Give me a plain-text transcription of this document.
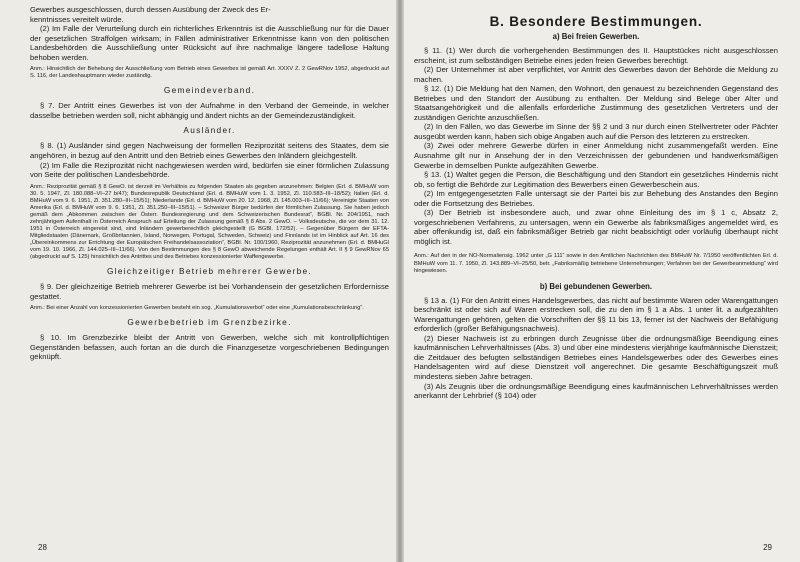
Gewerbes ausgeschlossen, durch dessen Ausübung der Zweck des Er-

kenntnisses vereitelt würde.

(2) Im Falle der Verurteilung durch ein richterliches Erkenntnis ist die Ausschließung nur für die Dauer der gesetzlichen Straffolgen wirksam; in Fällen administrativer Erkenntnisse kann von den politischen Landesbehörden die Ausschließung unter Rücksicht auf ihre nachmalige längere tadellose Haltung behoben werden.

Anm.: Hinsichtlich der Behebung der Ausschließung vom Betrieb eines Gewerbes ist gemäß Art. XXXV Z. 2 GewRNov 1952, abgedruckt auf S. 116, der Landeshauptmann wieder zuständig.

Gemeindeverband.

§ 7. Der Antritt eines Gewerbes ist von der Aufnahme in den Verband der Gemeinde, in welcher dasselbe betrieben werden soll, nicht abhängig und ändert nichts an der Gemeindezuständigkeit.

Ausländer.

§ 8. (1) Ausländer sind gegen Nachweisung der formellen Reziprozität seitens des Staates, dem sie angehören, in bezug auf den Antritt und den Betrieb eines Gewerbes den Inländern gleichgestellt.

(2) Im Falle die Reziprozität nicht nachgewiesen werden wird, bedürfen sie einer förmlichen Zulassung von Seite der politischen Landesbehörde.

Anm.: Reziprozität gemäß § 8 GewO. ist derzeit im Verhältnis zu folgenden Staaten als gegeben anzunehmen: Belgien (Erl. d. BMHuW vom 30. 5. 1947, Zl. 180.088–VI–27 b/47); Bundesrepublik Deutschland (Erl. d. BMHuW vom 1. 3. 1952, Zl. 110.583–III–18/52); Italien (Erl. d. BMHuW vom 9. 6. 1951, Zl. 351.280–III–15/51); Niederlande (Erl. d. BMHuW vom 20. 12. 1968, Zl. 145.003–III–11/66); Vereinigte Staaten von Amerika (Erl. d. BMHuW vom 9. 6. 1951, Zl. 351.250–III–15/51). – Schweizer Bürger bedürfen der förmlichen Zulassung. Sie haben jedoch gemäß dem „Abkommen zwischen der Österr. Bundesregierung und dem Schweizerischen Bundesrat“, BGBl. Nr. 204/1951, nach zehnjährigem Aufenthalt in Österreich Anspruch auf Erteilung der Zulassung gemäß § 8 Abs. 2 GewO. – Volksdeutsche, die vor dem 31. 12. 1951 in Österreich eingereist sind, sind Inländern gewerberechtlich gleichgestellt (G BGBl. 172/52). – Gegenüber Bürgern der EFTA-Mitgliedstaaten (Dänemark, Großbritannien, Island, Norwegen, Portugal, Schweden, Schweiz) und Finnlands ist im Hinblick auf Art. 16 des „Übereinkommens zur Errichtung der Europäischen Freihandelsassoziation“, BGBl. Nr. 100/1960, Reziprozität anzunehmen (Erl. d. BMHuGl vom 19. 10. 1966, Zl. 144.025–III–11/66). Von den Bestimmungen des § 8 GewO abweichende Regelungen enthält Art. II § 9 GewRNov 65 (abgedruckt auf S. 125) hinsichtlich des Antrittes und des Betriebes konzessionierter Waffengewerbe.

Gleichzeitiger Betrieb mehrerer Gewerbe.

§ 9. Der gleichzeitige Betrieb mehrerer Gewerbe ist bei Vorhandensein der gesetzlichen Erfordernisse gestattet.

Anm.: Bei einer Anzahl von konzessionierten Gewerben besteht ein sog. „Kumulationsverbot“ oder eine „Kumulationsbeschränkung“.

Gewerbebetrieb im Grenzbezirke.

§ 10. Im Grenzbezirke bleibt der Antritt von Gewerben, welche sich mit kontrollpflichtigen Gegenständen befassen, auch fortan an die durch die Finanzgesetze vorgeschriebenen Bedingungen geknüpft.

28
B. Besondere Bestimmungen.
a) Bei freien Gewerben.

§ 11. (1) Wer durch die vorhergehenden Bestimmungen des II. Hauptstückes nicht ausgeschlossen erscheint, ist zum selbständigen Betriebe eines jeden freien Gewerbes berechtigt.

(2) Der Unternehmer ist aber verpflichtet, vor Antritt des Gewerbes davon der Behörde die Meldung zu machen.

§ 12. (1) Die Meldung hat den Namen, den Wohnort, den genauest zu bezeichnenden Gegenstand des Betriebes und den Standort der Ausübung zu enthalten. Der Meldung sind Belege über Alter und Staatsangehörigkeit und die allenfalls erforderliche Zustimmung des gesetzlichen Vertreters und der zuständigen Gerichte anzuschließen.

(2) In den Fällen, wo das Gewerbe im Sinne der §§ 2 und 3 nur durch einen Stellvertreter oder Pächter ausgeübt werden kann, haben sich obige Angaben auch auf die Person des letzteren zu erstrecken.

(3) Zwei oder mehrere Gewerbe dürfen in einer Anmeldung nicht zusammengefaßt werden. Eine Ausnahme gilt nur in Ansehung der in den Verzeichnissen der gebundenen und handwerksmäßigen Gewerbe in demselben Punkte aufgezählten Gewerbe.

§ 13. (1) Waltet gegen die Person, die Beschäftigung und den Standort ein gesetzliches Hindernis nicht ob, so fertigt die Behörde zur Legitimation des Bewerbers einen Gewerbeschein aus.

(2) Im entgegengesetzten Falle untersagt sie der Partei bis zur Behebung des Anstandes den Beginn oder die Fortsetzung des Betriebes.

(3) Der Betrieb ist insbesondere auch, und zwar ohne Einleitung des im § 1 c, Absatz 2, vorgeschriebenen Verfahrens, zu untersagen, wenn ein Gewerbe als fabriksmäßiges angemeldet wird, es aber offenkundig ist, daß ein fabriksmäßiger Betrieb gar nicht beabsichtigt oder vorläufig überhaupt nicht möglich ist.

Anm.: Auf den in der NO-Normaliensig. 1962 unter „G 111“ sowie in den Amtlichen Nachrichten des BMHuW Nr. 7/1950 veröffentlichten Erl. d. BMHuW vom 11. 7. 1950, Zl. 143.889–VI–25/50, betr. „Fabriksmäßig betriebene Unternehmungen; Verfahren bei der Gewerbeanmeldung“ wird hingewiesen.

b) Bei gebundenen Gewerben.

§ 13 a. (1) Für den Antritt eines Handelsgewerbes, das nicht auf bestimmte Waren oder Warengattungen beschränkt ist oder sich auf Waren erstrecken soll, die zu den im § 1 a Abs. 1 unter lit. a aufgezählten Warengattungen gehören, gelten die Vorschriften der §§ 11 bis 13, ferner ist der Nachweis der Befähigung erforderlich (großer Befähigungsnachweis).

(2) Dieser Nachweis ist zu erbringen durch Zeugnisse über die ordnungsmäßige Beendigung eines kaufmännischen Lehrverhältnisses (Abs. 3) und über eine mindestens vierjährige kaufmännische Dienstzeit; die Zeitdauer des befugten selbständigen Betriebes eines Handelsgewerbes oder des Gewerbes eines Handelsagenten wird auf diese Dienstzeit voll angerechnet. Die gesamte Beschäftigungszeit muß mindestens sieben Jahre betragen.

(3) Als Zeugnis über die ordnungsmäßige Beendigung eines kaufmännischen Lehrverhältnisses werden anerkannt der Lehrbrief (§ 104) oder

29
